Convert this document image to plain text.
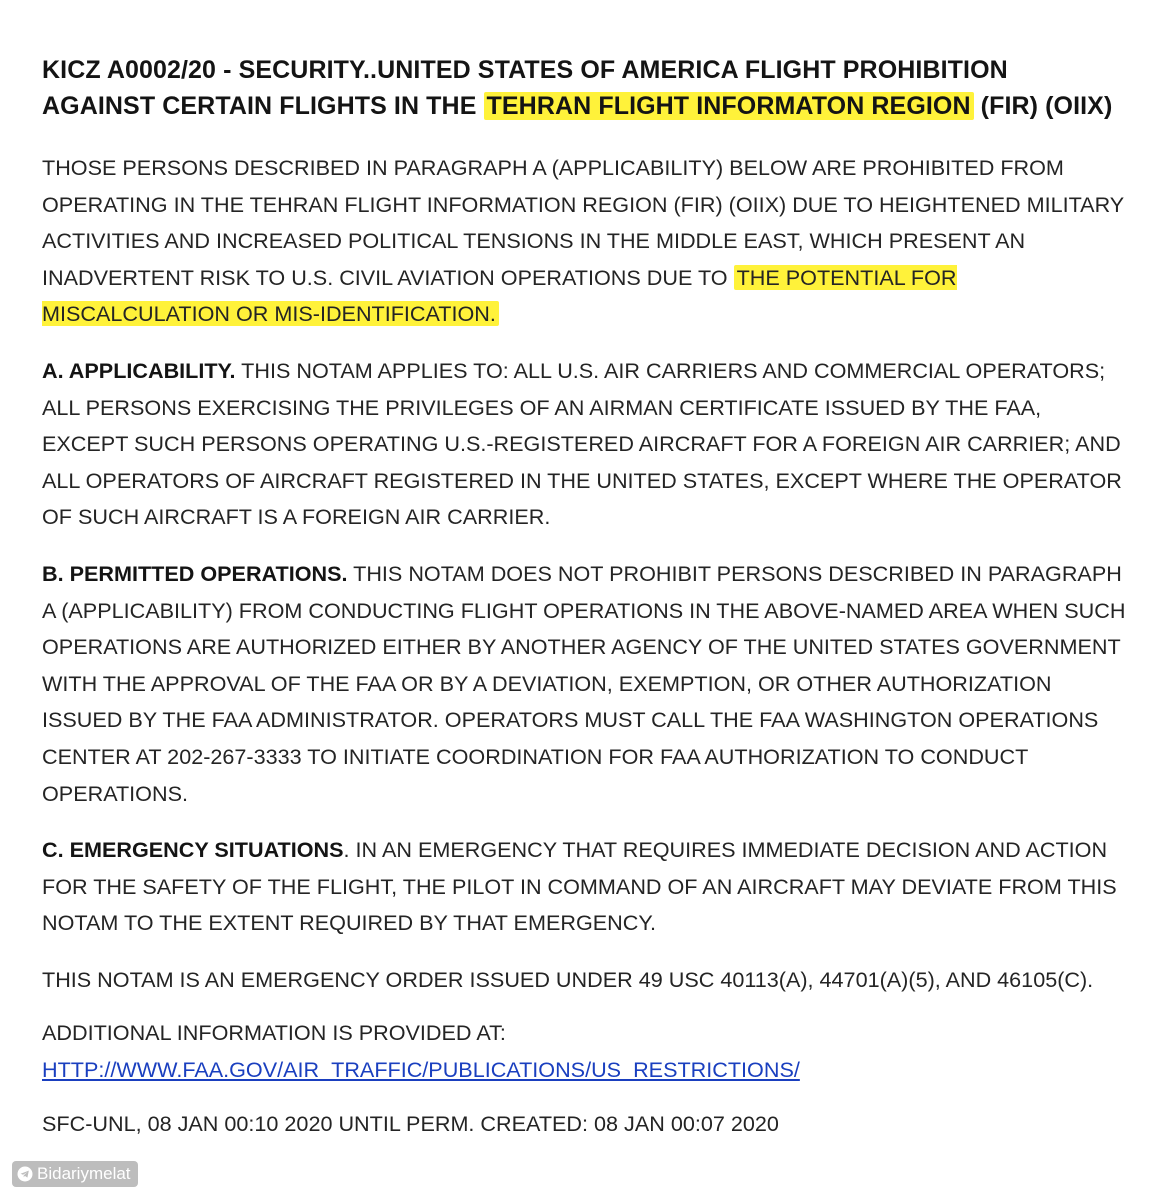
KICZ A0002/20 - SECURITY..UNITED STATES OF AMERICA FLIGHT PROHIBITION
AGAINST CERTAIN FLIGHTS IN THE TEHRAN FLIGHT INFORMATON REGION (FIR) (OIIX)

THOSE PERSONS DESCRIBED IN PARAGRAPH A (APPLICABILITY) BELOW ARE PROHIBITED FROM OPERATING IN THE TEHRAN FLIGHT INFORMATION REGION (FIR) (OIIX) DUE TO HEIGHTENED MILITARY ACTIVITIES AND INCREASED POLITICAL TENSIONS IN THE MIDDLE EAST, WHICH PRESENT AN INADVERTENT RISK TO U.S. CIVIL AVIATION OPERATIONS DUE TO THE POTENTIAL FOR MISCALCULATION OR MIS-IDENTIFICATION.

A. APPLICABILITY. THIS NOTAM APPLIES TO: ALL U.S. AIR CARRIERS AND COMMERCIAL OPERATORS; ALL PERSONS EXERCISING THE PRIVILEGES OF AN AIRMAN CERTIFICATE ISSUED BY THE FAA, EXCEPT SUCH PERSONS OPERATING U.S.-REGISTERED AIRCRAFT FOR A FOREIGN AIR CARRIER; AND ALL OPERATORS OF AIRCRAFT REGISTERED IN THE UNITED STATES, EXCEPT WHERE THE OPERATOR OF SUCH AIRCRAFT IS A FOREIGN AIR CARRIER.

B. PERMITTED OPERATIONS. THIS NOTAM DOES NOT PROHIBIT PERSONS DESCRIBED IN PARAGRAPH A (APPLICABILITY) FROM CONDUCTING FLIGHT OPERATIONS IN THE ABOVE-NAMED AREA WHEN SUCH OPERATIONS ARE AUTHORIZED EITHER BY ANOTHER AGENCY OF THE UNITED STATES GOVERNMENT WITH THE APPROVAL OF THE FAA OR BY A DEVIATION, EXEMPTION, OR OTHER AUTHORIZATION ISSUED BY THE FAA ADMINISTRATOR. OPERATORS MUST CALL THE FAA WASHINGTON OPERATIONS CENTER AT 202-267-3333 TO INITIATE COORDINATION FOR FAA AUTHORIZATION TO CONDUCT OPERATIONS.

C. EMERGENCY SITUATIONS. IN AN EMERGENCY THAT REQUIRES IMMEDIATE DECISION AND ACTION FOR THE SAFETY OF THE FLIGHT, THE PILOT IN COMMAND OF AN AIRCRAFT MAY DEVIATE FROM THIS NOTAM TO THE EXTENT REQUIRED BY THAT EMERGENCY.

THIS NOTAM IS AN EMERGENCY ORDER ISSUED UNDER 49 USC 40113(A), 44701(A)(5), AND 46105(C).

ADDITIONAL INFORMATION IS PROVIDED AT:
HTTP://WWW.FAA.GOV/AIR_TRAFFIC/PUBLICATIONS/US_RESTRICTIONS/

SFC-UNL, 08 JAN 00:10 2020 UNTIL PERM. CREATED: 08 JAN 00:07 2020

Bidariymelat
